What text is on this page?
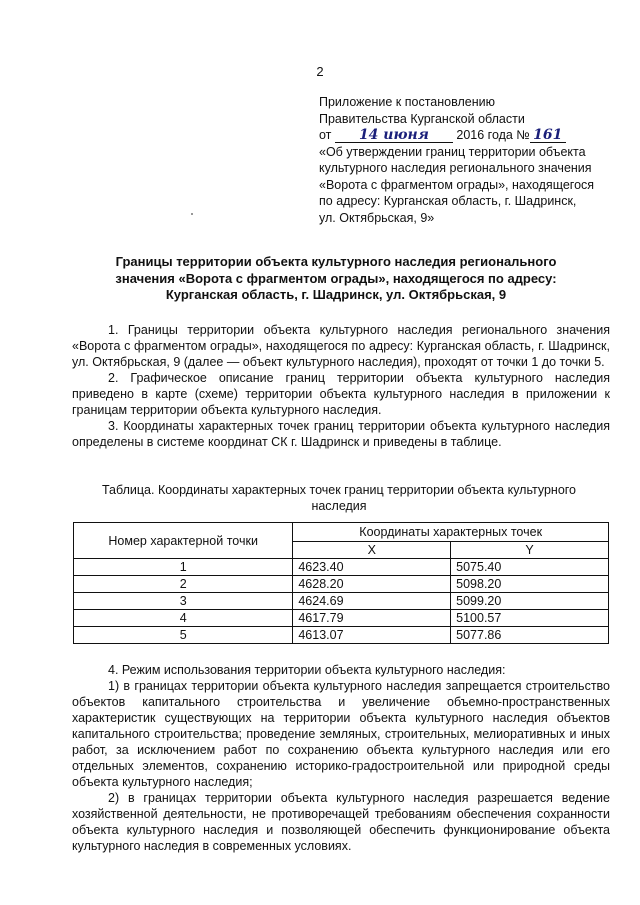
2
Приложение к постановлению
Правительства Курганской области
от 14 июня 2016 года № 161
«Об утверждении границ территории объекта
культурного наследия регионального значения
«Ворота с фрагментом ограды», находящегося
по адресу: Курганская область, г. Шадринск,
ул. Октябрьская, 9»
Границы территории объекта культурного наследия регионального
значения «Ворота с фрагментом ограды», находящегося по адресу:
Курганская область, г. Шадринск, ул. Октябрьская, 9

1. Границы территории объекта культурного наследия регионального значения «Ворота с фрагментом ограды», находящегося по адресу: Курганская область, г. Шадринск, ул. Октябрьская, 9 (далее — объект культурного наследия), проходят от точки 1 до точки 5.

2. Графическое описание границ территории объекта культурного наследия приведено в карте (схеме) территории объекта культурного наследия в приложении к границам территории объекта культурного наследия.

3. Координаты характерных точек границ территории объекта культурного наследия определены в системе координат СК г. Шадринск и приведены в таблице.

Таблица. Координаты характерных точек границ территории объекта культурного
наследия
Номер характерной точки	Координаты характерных точек	
	X	Y
1	4623.40	5075.40
2	4628.20	5098.20
3	4624.69	5099.20
4	4617.79	5100.57
5	4613.07	5077.86

4. Режим использования территории объекта культурного наследия:

1) в границах территории объекта культурного наследия запрещается строительство объектов капитального строительства и увеличение объемно-пространственных характеристик существующих на территории объекта культурного наследия объектов капитального строительства; проведение земляных, строительных, мелиоративных и иных работ, за исключением работ по сохранению объекта культурного наследия или его отдельных элементов, сохранению историко-градостроительной или природной среды объекта культурного наследия;

2) в границах территории объекта культурного наследия разрешается ведение хозяйственной деятельности, не противоречащей требованиям обеспечения сохранности объекта культурного наследия и позволяющей обеспечить функционирование объекта культурного наследия в современных условиях.
